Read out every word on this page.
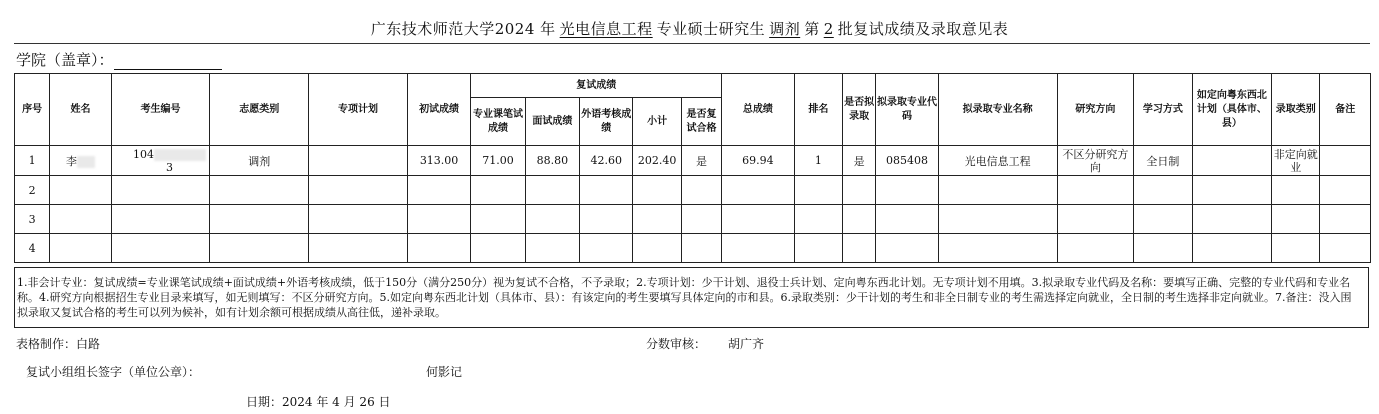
广东技术师范大学2024 年 光电信息工程 专业硕士研究生 调剂 第 2 批复试成绩及录取意见表
学院（盖章）：
序号	姓名	考生编号	志愿类别	专项计划	初试成绩	复试成绩					总成绩	排名	是否拟录取	拟录取专业代码	拟录取专业名称	研究方向	学习方式	如定向粤东西北计划（具体市、县）	录取类别	备注
						专业课笔试成绩	面试成绩	外语考核成绩	小计	是否复试合格										
1	李	1043	调剂		313.00	71.00	88.80	42.60	202.40	是	69.94	1	是	085408	光电信息工程	不区分研究方向	全日制		非定向就业	
2																				
3																				
4																				
1.非会计专业：复试成绩=专业课笔试成绩+面试成绩+外语考核成绩，低于150分（满分250分）视为复试不合格，不予录取；2.专项计划：少干计划、退役士兵计划、定向粤东西北计划。无专项计划不用填。3.拟录取专业代码及名称：要填写正确、完整的专业代码和专业名称。4.研究方向根据招生专业目录来填写，如无则填写：不区分研究方向。5.如定向粤东西北计划（具体市、县）：有该定向的考生要填写具体定向的市和县。6.录取类别：少干计划的考生和非全日制专业的考生需选择定向就业，全日制的考生选择非定向就业。7.备注：没入围拟录取又复试合格的考生可以列为候补，如有计划余额可根据成绩从高往低，递补录取。
表格制作：白路	分数审核： 胡广齐
复试小组组长签字（单位公章）：	何影记
日期：2024 年 4 月 26 日
